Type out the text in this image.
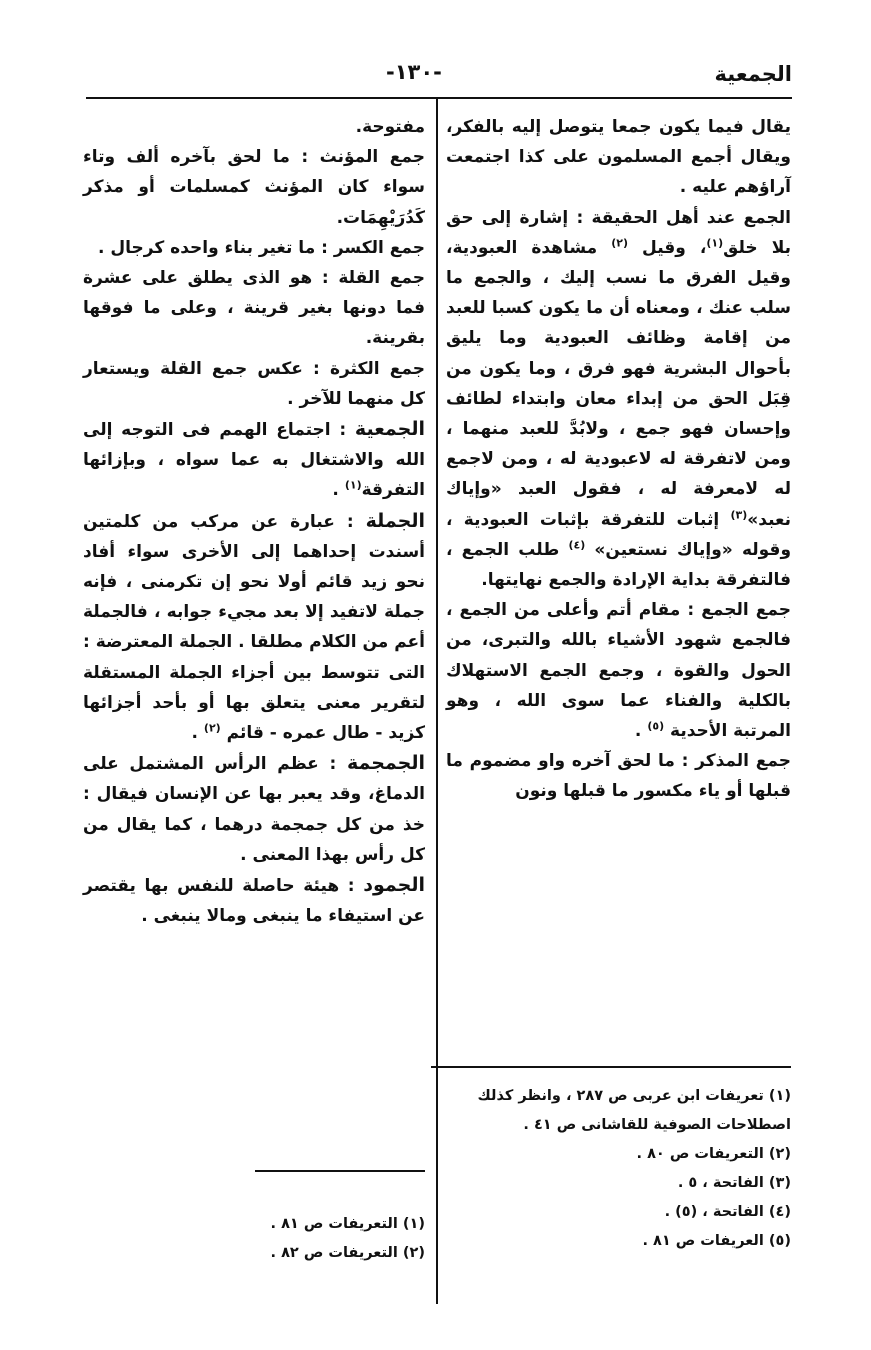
الجمعية
-١٣٠-

يقال فيما يكون جمعا يتوصل إليه بالفكر، ويقال أجمع المسلمون على كذا اجتمعت آراؤهم عليه .

الجمع عند أهل الحقيقة : إشارة إلى حق بلا خلق$^{(١)}$، وقيل $^{(٢)}$ مشاهدة العبودية، وقيل الفرق ما نسب إليك ، والجمع ما سلب عنك ، ومعناه أن ما يكون كسبا للعبد من إقامة وظائف العبودية وما يليق بأحوال البشرية فهو فرق ، وما يكون من قِبَل الحق من إبداء معان وابتداء لطائف وإحسان فهو جمع ، ولابُدَّ للعبد منهما ، ومن لاتفرقة له لاعبودية له ، ومن لاجمع له لامعرفة له ، فقول العبد «وإياك نعبد»$^{(٣)}$ إثبات للتفرقة بإثبات العبودية ، وقوله «وإياك نستعين» $^{(٤)}$ طلب الجمع ، فالتفرقة بداية الإرادة والجمع نهايتها.

جمع الجمع : مقام أتم وأعلى من الجمع ، فالجمع شهود الأشياء بالله والتبرى، من الحول والقوة ، وجمع الجمع الاستهلاك بالكلية والفناء عما سوى الله ، وهو المرتبة الأحدية $^{(٥)}$ .

جمع المذكر : ما لحق آخره واو مضموم ما قبلها أو ياء مكسور ما قبلها ونون

مفتوحة.

جمع المؤنث : ما لحق بآخره ألف وتاء سواء كان المؤنث كمسلمات أو مذكر كَدُرَيْهِمَات.

جمع الكسر : ما تغير بناء واحده كرجال .

جمع القلة : هو الذى يطلق على عشرة فما دونها بغير قرينة ، وعلى ما فوقها بقرينة.

جمع الكثرة : عكس جمع القلة ويستعار كل منهما للآخر .

الجمعية : اجتماع الهمم فى التوجه إلى الله والاشتغال به عما سواه ، وبإزائها التفرقة$^{(١)}$ .

الجملة : عبارة عن مركب من كلمتين أسندت إحداهما إلى الأخرى سواء أفاد نحو زيد قائم أولا نحو إن تكرمنى ، فإنه جملة لاتفيد إلا بعد مجيء جوابه ، فالجملة أعم من الكلام مطلقا . الجملة المعترضة : التى تتوسط بين أجزاء الجملة المستقلة لتقرير معنى يتعلق بها أو بأحد أجزائها كزيد - طال عمره - قائم $^{(٢)}$ .

الجمجمة : عظم الرأس المشتمل على الدماغ، وقد يعبر بها عن الإنسان فيقال : خذ من كل جمجمة درهما ، كما يقال من كل رأس بهذا المعنى .

الجمود : هيئة حاصلة للنفس بها يقتصر عن استيفاء ما ينبغى ومالا ينبغى .

(١) تعريفات ابن عربى ص ٢٨٧ ، وانظر كذلك اصطلاحات الصوفية للقاشانى ص ٤١ .

(٢) التعريفات ص ٨٠ .

(٣) الفاتحة ، ٥ .

(٤) الفاتحة ، (٥) .

(٥) العريفات ص ٨١ .

(١) التعريفات ص ٨١ .

(٢) التعريفات ص ٨٢ .
